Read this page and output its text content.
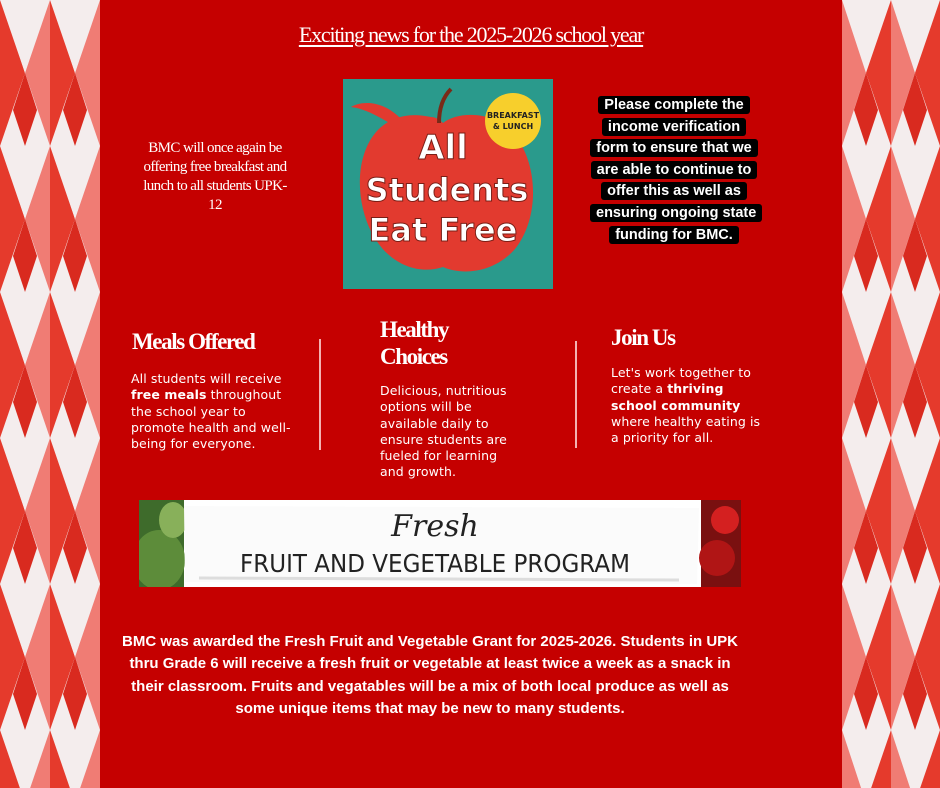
Exciting news for the 2025-2026 school year
BMC will once again be offering free breakfast and lunch to all students UPK-12
BREAKFAST
& LUNCH
All
Students
Eat Free
Please complete the income verification form to ensure that we are able to continue to offer this as well as ensuring ongoing state funding for BMC.
Meals Offered
All students will receive free meals throughout the school year to promote health and well-being for everyone.
Healthy
Choices
Delicious, nutritious options will be available daily to ensure students are fueled for learning and growth.
Join Us
Let's work together to create a thriving school community where healthy eating is a priority for all.
Fresh
FRUIT AND VEGETABLE PROGRAM
BMC was awarded the Fresh Fruit and Vegetable Grant for 2025-2026. Students in UPK thru Grade 6 will receive a fresh fruit or vegetable at least twice a week as a snack in their classroom. Fruits and vegatables will be a mix of both local produce as well as some unique items that may be new to many students.
